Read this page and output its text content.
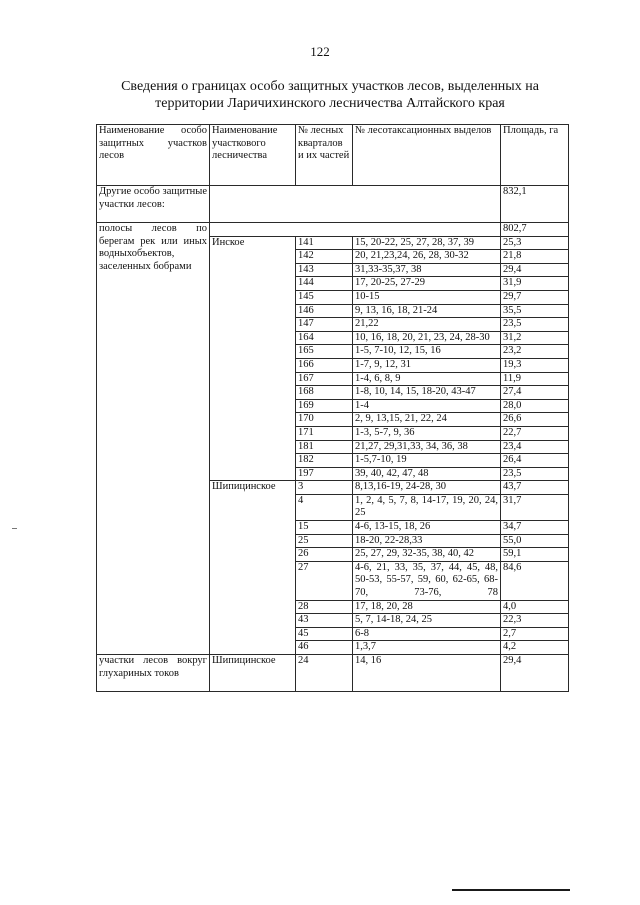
122
Сведения о границах особо защитных участков лесов, выделенных на
территории Ларичихинского лесничества Алтайского края
Наименование особо защитных участков лесов	Наименование участкового лесничества	№ лесных кварталов и их частей	№ лесотаксационных выделов	Площадь, га
Другие особо защитные участки лесов:				832,1
полосы лесов по берегам рек или иных водныхобъектов, заселенных бобрами				802,7
	Инское	141	15, 20-22, 25, 27, 28, 37, 39	25,3
		142	20, 21,23,24, 26, 28, 30-32	21,8
		143	31,33-35,37, 38	29,4
		144	17, 20-25, 27-29	31,9
		145	10-15	29,7
		146	9, 13, 16, 18, 21-24	35,5
		147	21,22	23,5
		164	10, 16, 18, 20, 21, 23, 24, 28-30	31,2
		165	1-5, 7-10, 12, 15, 16	23,2
		166	1-7, 9, 12, 31	19,3
		167	1-4, 6, 8, 9	11,9
		168	1-8, 10, 14, 15, 18-20, 43-47	27,4
		169	1-4	28,0
		170	2, 9, 13,15, 21, 22, 24	26,6
		171	1-3, 5-7, 9, 36	22,7
		181	21,27, 29,31,33, 34, 36, 38	23,4
		182	1-5,7-10, 19	26,4
		197	39, 40, 42, 47, 48	23,5
	Шипицинское	3	8,13,16-19, 24-28, 30	43,7
		4	1, 2, 4, 5, 7, 8, 14-17, 19, 20, 24, 25	31,7
		15	4-6, 13-15, 18, 26	34,7
		25	18-20, 22-28,33	55,0
		26	25, 27, 29, 32-35, 38, 40, 42	59,1
		27	4-6, 21, 33, 35, 37, 44, 45, 48, 50-53, 55-57, 59, 60, 62-65, 68-70, 73-76, 78	84,6
		28	17, 18, 20, 28	4,0
		43	5, 7, 14-18, 24, 25	22,3
		45	6-8	2,7
		46	1,3,7	4,2
участки лесов вокруг глухариных токов	Шипицинское	24	14, 16	29,4
